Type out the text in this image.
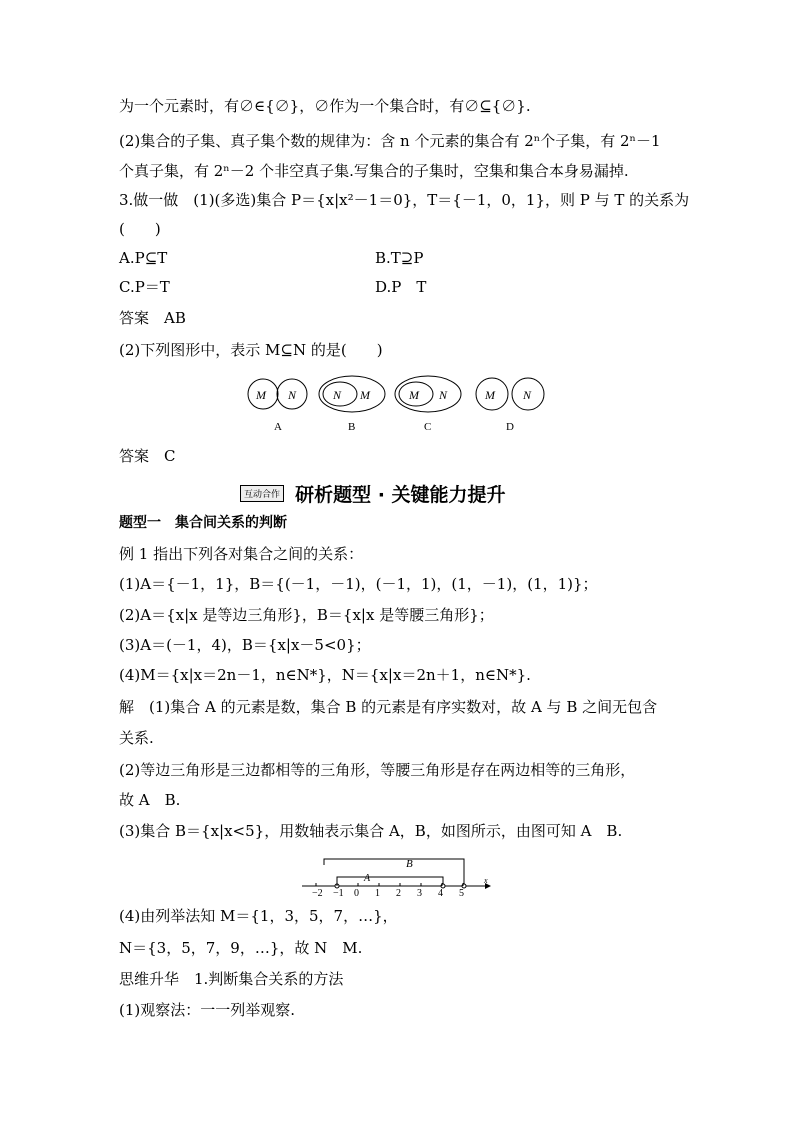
为一个元素时，有∅∈{∅}，∅作为一个集合时，有∅⊆{∅}.
(2)集合的子集、真子集个数的规律为：含 n 个元素的集合有 2ⁿ个子集，有 2ⁿ－1
个真子集，有 2ⁿ－2 个非空真子集.写集合的子集时，空集和集合本身易漏掉.
3.做一做　(1)(多选)集合 P＝{x|x²－1＝0}，T＝{－1，0，1}，则 P 与 T 的关系为
(　　)
A.P⊆T	B.T⊇P
C.P＝T	D.P　T
答案　AB
(2)下列图形中，表示 M⊆N 的是(　　)
M N
A
N M
B
M N
C
M N
D
答案　C
互动合作 研析题型 · 关键能力提升
题型一　集合间关系的判断
例 1 指出下列各对集合之间的关系：
(1)A＝{－1，1}，B＝{(－1，－1)，(－1，1)，(1，－1)，(1，1)}；
(2)A＝{x|x 是等边三角形}，B＝{x|x 是等腰三角形}；
(3)A＝(－1，4)，B＝{x|x－5<0}；
(4)M＝{x|x＝2n－1，n∈N*}，N＝{x|x＝2n＋1，n∈N*}.
解　(1)集合 A 的元素是数，集合 B 的元素是有序实数对，故 A 与 B 之间无包含
关系.
(2)等边三角形是三边都相等的三角形，等腰三角形是存在两边相等的三角形，
故 A　B.
(3)集合 B＝{x|x<5}，用数轴表示集合 A，B，如图所示，由图可知 A　B.
B
A	x
−2 −1 0 1 2 3 4 5
(4)由列举法知 M＝{1，3，5，7，…}，
N＝{3，5，7，9，…}，故 N　M.
思维升华　1.判断集合关系的方法
(1)观察法：一一列举观察.
